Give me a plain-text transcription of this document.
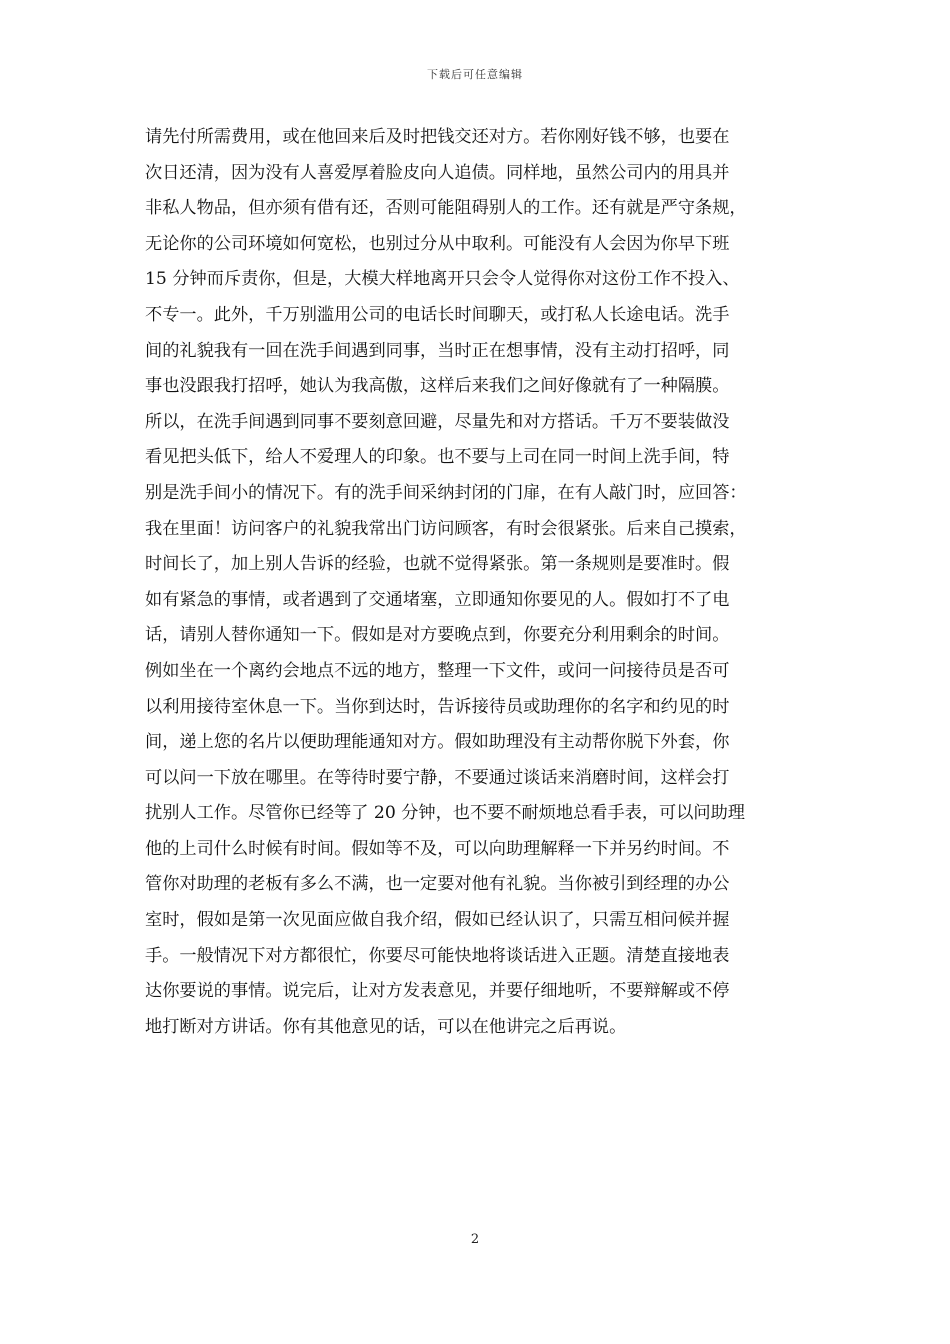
下载后可任意编辑
请先付所需费用，或在他回来后及时把钱交还对方。若你刚好钱不够，也要在
次日还清，因为没有人喜爱厚着脸皮向人追债。同样地，虽然公司内的用具并
非私人物品，但亦须有借有还，否则可能阻碍别人的工作。还有就是严守条规，
无论你的公司环境如何宽松，也别过分从中取利。可能没有人会因为你早下班
15 分钟而斥责你，但是，大模大样地离开只会令人觉得你对这份工作不投入、
不专一。此外，千万别滥用公司的电话长时间聊天，或打私人长途电话。洗手
间的礼貌我有一回在洗手间遇到同事，当时正在想事情，没有主动打招呼，同
事也没跟我打招呼，她认为我高傲，这样后来我们之间好像就有了一种隔膜。
所以，在洗手间遇到同事不要刻意回避，尽量先和对方搭话。千万不要装做没
看见把头低下，给人不爱理人的印象。也不要与上司在同一时间上洗手间，特
别是洗手间小的情况下。有的洗手间采纳封闭的门扉，在有人敲门时，应回答：
我在里面！访问客户的礼貌我常出门访问顾客，有时会很紧张。后来自己摸索，
时间长了，加上别人告诉的经验，也就不觉得紧张。第一条规则是要准时。假
如有紧急的事情，或者遇到了交通堵塞，立即通知你要见的人。假如打不了电
话，请别人替你通知一下。假如是对方要晚点到，你要充分利用剩余的时间。
例如坐在一个离约会地点不远的地方，整理一下文件，或问一问接待员是否可
以利用接待室休息一下。当你到达时，告诉接待员或助理你的名字和约见的时
间，递上您的名片以便助理能通知对方。假如助理没有主动帮你脱下外套，你
可以问一下放在哪里。在等待时要宁静，不要通过谈话来消磨时间，这样会打
扰别人工作。尽管你已经等了 20 分钟，也不要不耐烦地总看手表，可以问助理
他的上司什么时候有时间。假如等不及，可以向助理解释一下并另约时间。不
管你对助理的老板有多么不满，也一定要对他有礼貌。当你被引到经理的办公
室时，假如是第一次见面应做自我介绍，假如已经认识了，只需互相问候并握
手。一般情况下对方都很忙，你要尽可能快地将谈话进入正题。清楚直接地表
达你要说的事情。说完后，让对方发表意见，并要仔细地听，不要辩解或不停
地打断对方讲话。你有其他意见的话，可以在他讲完之后再说。
2
